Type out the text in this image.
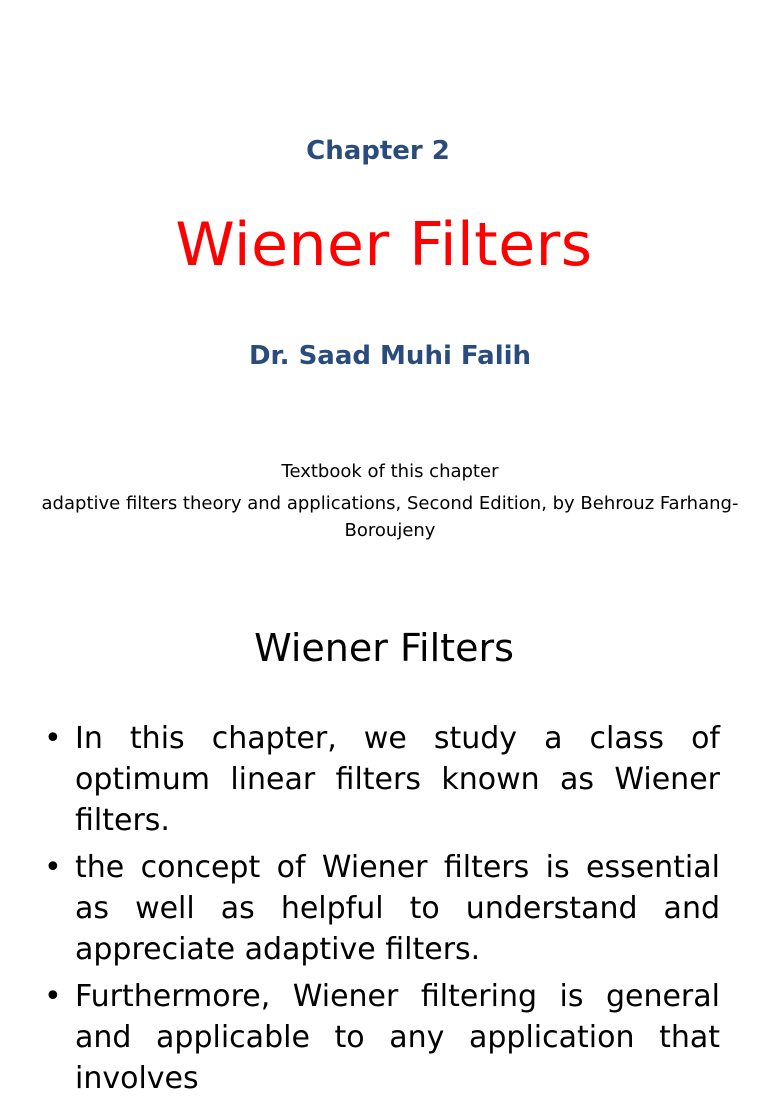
Chapter 2
Wiener Filters
Dr. Saad Muhi Falih
Textbook of this chapter
adaptive filters theory and applications, Second Edition, by Behrouz Farhang-Boroujeny
Wiener Filters
• In this chapter, we study a class of optimum linear filters known as Wiener filters.
• the concept of Wiener filters is essential as well as helpful to understand and appreciate adaptive filters.
• Furthermore, Wiener filtering is general and applicable to any application that involves
